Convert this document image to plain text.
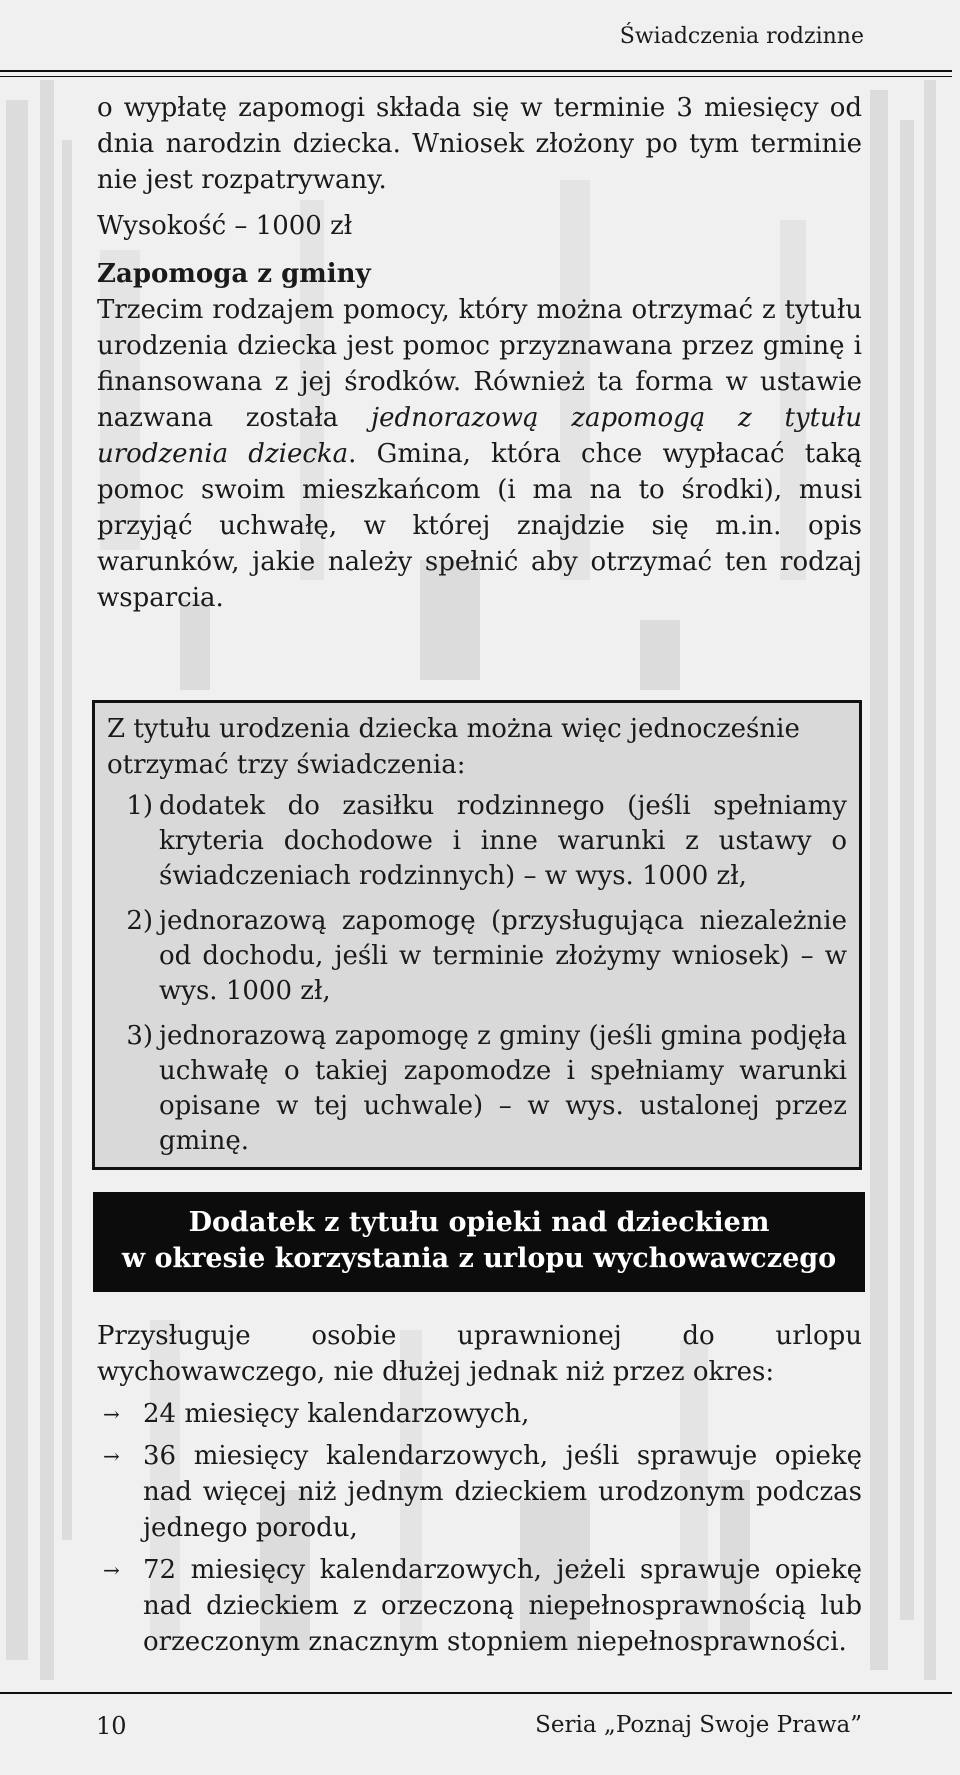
Świadczenia rodzinne

o wypłatę zapomogi składa się w terminie 3 miesięcy od dnia narodzin dziecka. Wniosek złożony po tym terminie nie jest rozpatrywany.

Wysokość – 1000 zł

Zapomoga z gminy

Trzecim rodzajem pomocy, który można otrzymać z tytułu urodzenia dziecka jest pomoc przyznawana przez gminę i finansowana z jej środków. Również ta forma w ustawie nazwana została jednorazową zapomogą z tytułu urodzenia dziecka. Gmina, która chce wypłacać taką pomoc swoim mieszkańcom (i ma na to środki), musi przyjąć uchwałę, w której znajdzie się m.in. opis warunków, jakie należy spełnić aby otrzymać ten rodzaj wsparcia.

Z tytułu urodzenia dziecka można więc jednocześnie otrzymać trzy świadczenia:

1) dodatek do zasiłku rodzinnego (jeśli spełniamy kryteria dochodowe i inne warunki z ustawy o świadczeniach rodzinnych) – w wys. 1000 zł,
2) jednorazową zapomogę (przysługująca niezależnie od dochodu, jeśli w terminie złożymy wniosek) – w wys. 1000 zł,
3) jednorazową zapomogę z gminy (jeśli gmina podjęła uchwałę o takiej zapomodze i spełniamy warunki opisane w tej uchwale) – w wys. ustalonej przez gminę.
Dodatek z tytułu opieki nad dzieckiem
w okresie korzystania z urlopu wychowawczego

Przysługuje osobie uprawnionej do urlopu wychowawczego, nie dłużej jednak niż przez okres:

→ 24 miesięcy kalendarzowych,
→ 36 miesięcy kalendarzowych, jeśli sprawuje opiekę nad więcej niż jednym dzieckiem urodzonym podczas jednego porodu,
→ 72 miesięcy kalendarzowych, jeżeli sprawuje opiekę nad dzieckiem z orzeczoną niepełnosprawnością lub orzeczonym znacznym stopniem niepełnosprawności.
10	Seria „Poznaj Swoje Prawa”
